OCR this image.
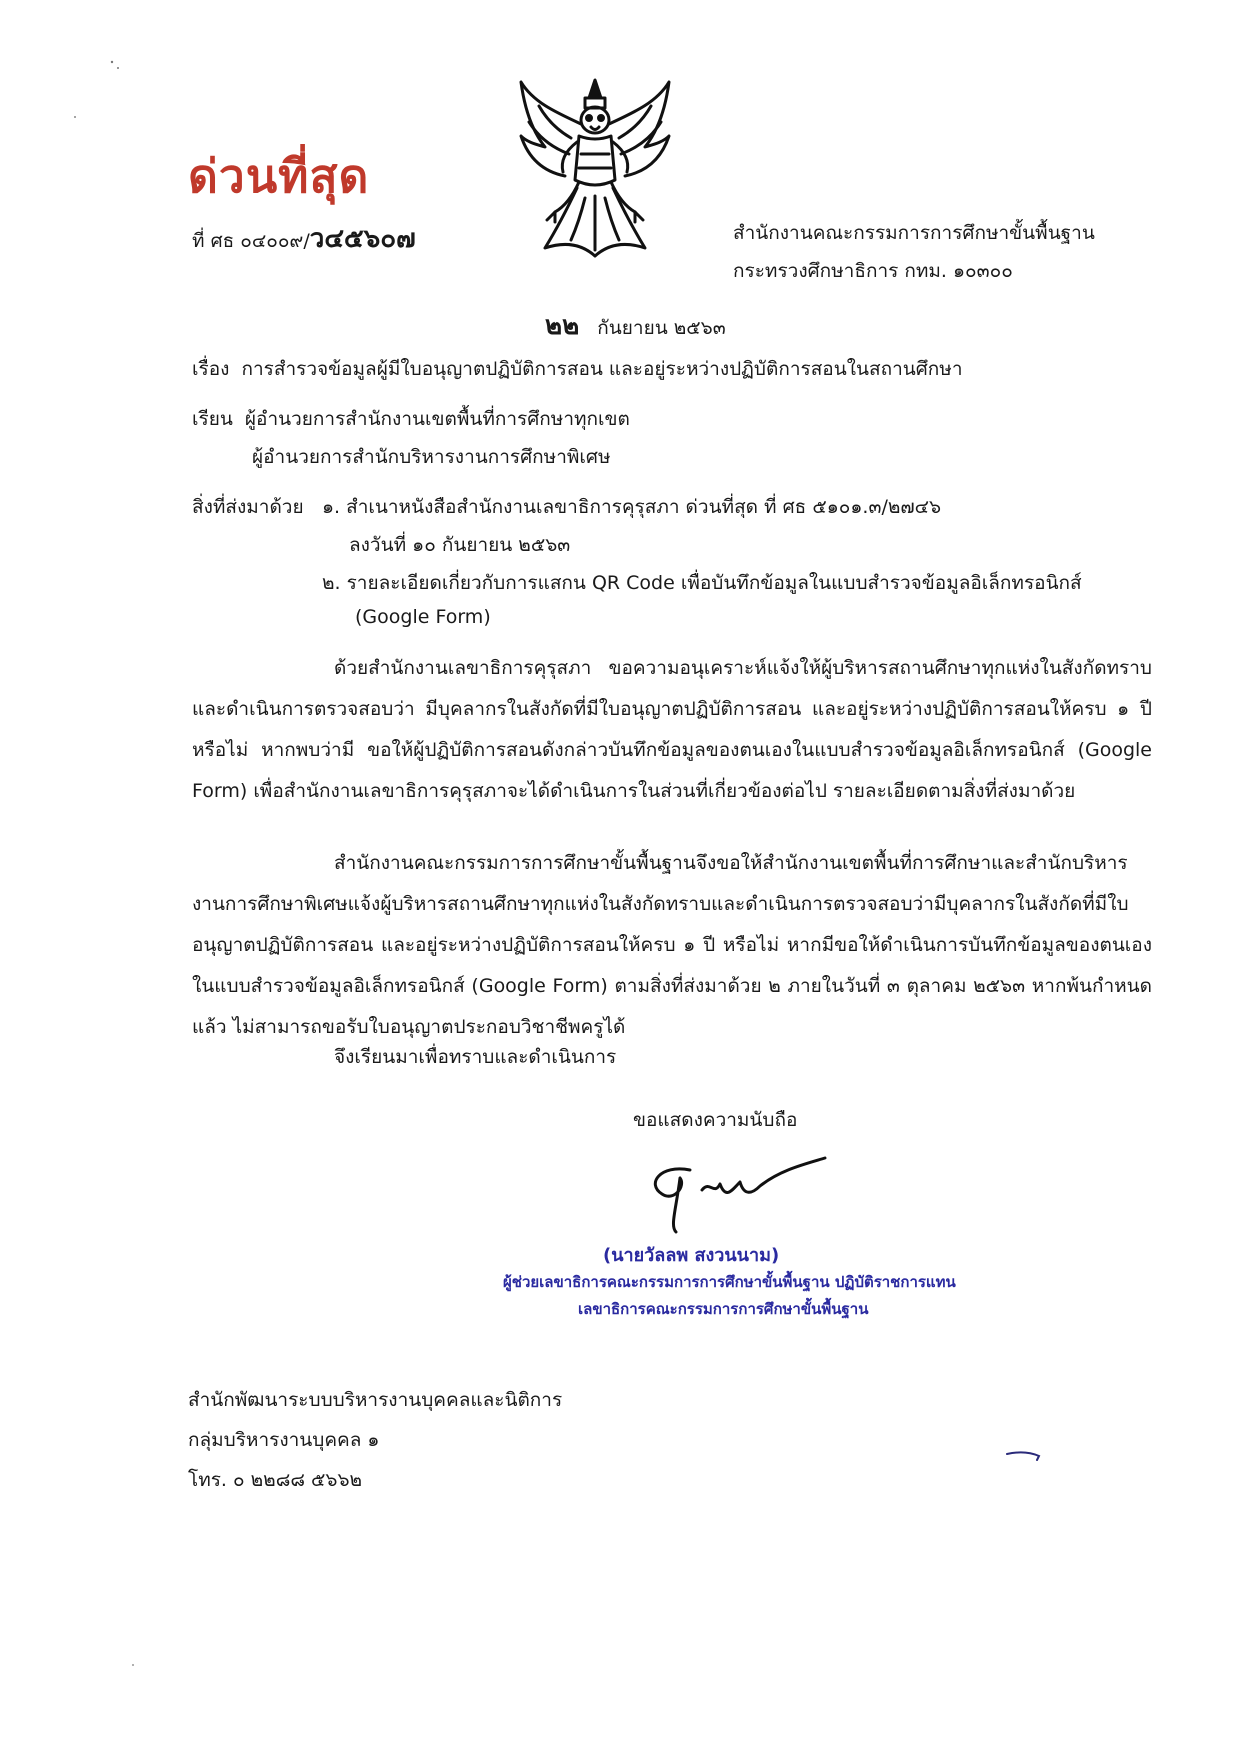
ด่วนที่สุด
ที่ ศธ ๐๔๐๐๙/ว๔๕๖๐๗	สำนักงานคณะกรรมการการศึกษาขั้นพื้นฐาน
กระทรวงศึกษาธิการ กทม. ๑๐๓๐๐
๒๒ กันยายน ๒๕๖๓
เรื่อง การสำรวจข้อมูลผู้มีใบอนุญาตปฏิบัติการสอน และอยู่ระหว่างปฏิบัติการสอนในสถานศึกษา
เรียน ผู้อำนวยการสำนักงานเขตพื้นที่การศึกษาทุกเขต
ผู้อำนวยการสำนักบริหารงานการศึกษาพิเศษ
สิ่งที่ส่งมาด้วย ๑. สำเนาหนังสือสำนักงานเลขาธิการคุรุสภา ด่วนที่สุด ที่ ศธ ๕๑๐๑.๓/๒๗๔๖
ลงวันที่ ๑๐ กันยายน ๒๕๖๓
๒. รายละเอียดเกี่ยวกับการแสกน QR Code เพื่อบันทึกข้อมูลในแบบสำรวจข้อมูลอิเล็กทรอนิกส์
(Google Form)
ด้วยสำนักงานเลขาธิการคุรุสภา ขอความอนุเคราะห์แจ้งให้ผู้บริหารสถานศึกษาทุกแห่งในสังกัดทราบและดำเนินการตรวจสอบว่า มีบุคลากรในสังกัดที่มีใบอนุญาตปฏิบัติการสอน และอยู่ระหว่างปฏิบัติการสอนให้ครบ ๑ ปี หรือไม่ หากพบว่ามี ขอให้ผู้ปฏิบัติการสอนดังกล่าวบันทึกข้อมูลของตนเองในแบบสำรวจข้อมูลอิเล็กทรอนิกส์ (Google Form) เพื่อสำนักงานเลขาธิการคุรุสภาจะได้ดำเนินการในส่วนที่เกี่ยวข้องต่อไป รายละเอียดตามสิ่งที่ส่งมาด้วย
สำนักงานคณะกรรมการการศึกษาขั้นพื้นฐานจึงขอให้สำนักงานเขตพื้นที่การศึกษาและสำนักบริหารงานการศึกษาพิเศษแจ้งผู้บริหารสถานศึกษาทุกแห่งในสังกัดทราบและดำเนินการตรวจสอบว่ามีบุคลากรในสังกัดที่มีใบอนุญาตปฏิบัติการสอน และอยู่ระหว่างปฏิบัติการสอนให้ครบ ๑ ปี หรือไม่ หากมีขอให้ดำเนินการบันทึกข้อมูลของตนเองในแบบสำรวจข้อมูลอิเล็กทรอนิกส์ (Google Form) ตามสิ่งที่ส่งมาด้วย ๒ ภายในวันที่ ๓ ตุลาคม ๒๕๖๓ หากพ้นกำหนดแล้ว ไม่สามารถขอรับใบอนุญาตประกอบวิชาชีพครูได้
จึงเรียนมาเพื่อทราบและดำเนินการ
ขอแสดงความนับถือ
(นายวัลลพ สงวนนาม)
ผู้ช่วยเลขาธิการคณะกรรมการการศึกษาขั้นพื้นฐาน ปฏิบัติราชการแทน
เลขาธิการคณะกรรมการการศึกษาขั้นพื้นฐาน
สำนักพัฒนาระบบบริหารงานบุคคลและนิติการ
กลุ่มบริหารงานบุคคล ๑
โทร. ๐ ๒๒๘๘ ๕๖๖๒
